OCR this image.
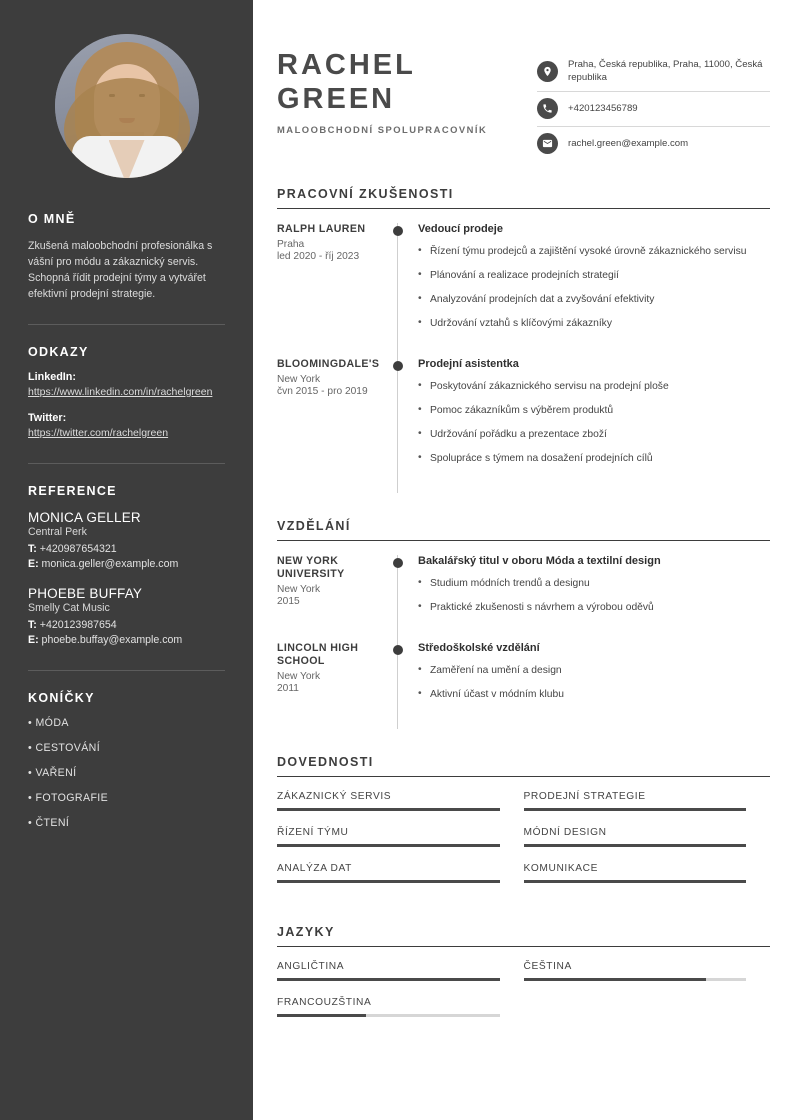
O MNĚ

Zkušená maloobchodní profesionálka s vášní pro módu a zákaznický servis. Schopná řídit prodejní týmy a vytvářet efektivní prodejní strategie.

ODKAZY
LinkedIn:
https://www.linkedin.com/in/rachelgreen
Twitter:
https://twitter.com/rachelgreen
REFERENCE
MONICA GELLER
Central Perk
T: +420987654321
E: monica.geller@example.com
PHOEBE BUFFAY
Smelly Cat Music
T: +420123987654
E: phoebe.buffay@example.com
KONÍČKY
• MÓDA
• CESTOVÁNÍ
• VAŘENÍ
• FOTOGRAFIE
• ČTENÍ
RACHEL
GREEN
MALOOBCHODNÍ SPOLUPRACOVNÍK
Praha, Česká republika, Praha, 11000, Česká republika
+420123456789
rachel.green@example.com
PRACOVNÍ ZKUŠENOSTI
RALPH LAUREN
Praha
led 2020 - říj 2023
Vedoucí prodeje
• Řízení týmu prodejců a zajištění vysoké úrovně zákaznického servisu
• Plánování a realizace prodejních strategií
• Analyzování prodejních dat a zvyšování efektivity
• Udržování vztahů s klíčovými zákazníky
BLOOMINGDALE'S
New York
čvn 2015 - pro 2019
Prodejní asistentka
• Poskytování zákaznického servisu na prodejní ploše
• Pomoc zákazníkům s výběrem produktů
• Udržování pořádku a prezentace zboží
• Spolupráce s týmem na dosažení prodejních cílů
VZDĚLÁNÍ
NEW YORK UNIVERSITY
New York
2015
Bakalářský titul v oboru Móda a textilní design
• Studium módních trendů a designu
• Praktické zkušenosti s návrhem a výrobou oděvů
LINCOLN HIGH SCHOOL
New York
2011
Středoškolské vzdělání
• Zaměření na umění a design
• Aktivní účast v módním klubu
DOVEDNOSTI
ZÁKAZNICKÝ SERVIS	PRODEJNÍ STRATEGIE
ŘÍZENÍ TÝMU	MÓDNÍ DESIGN
ANALÝZA DAT	KOMUNIKACE
JAZYKY
ANGLIČTINA	ČEŠTINA
FRANCOUZŠTINA
